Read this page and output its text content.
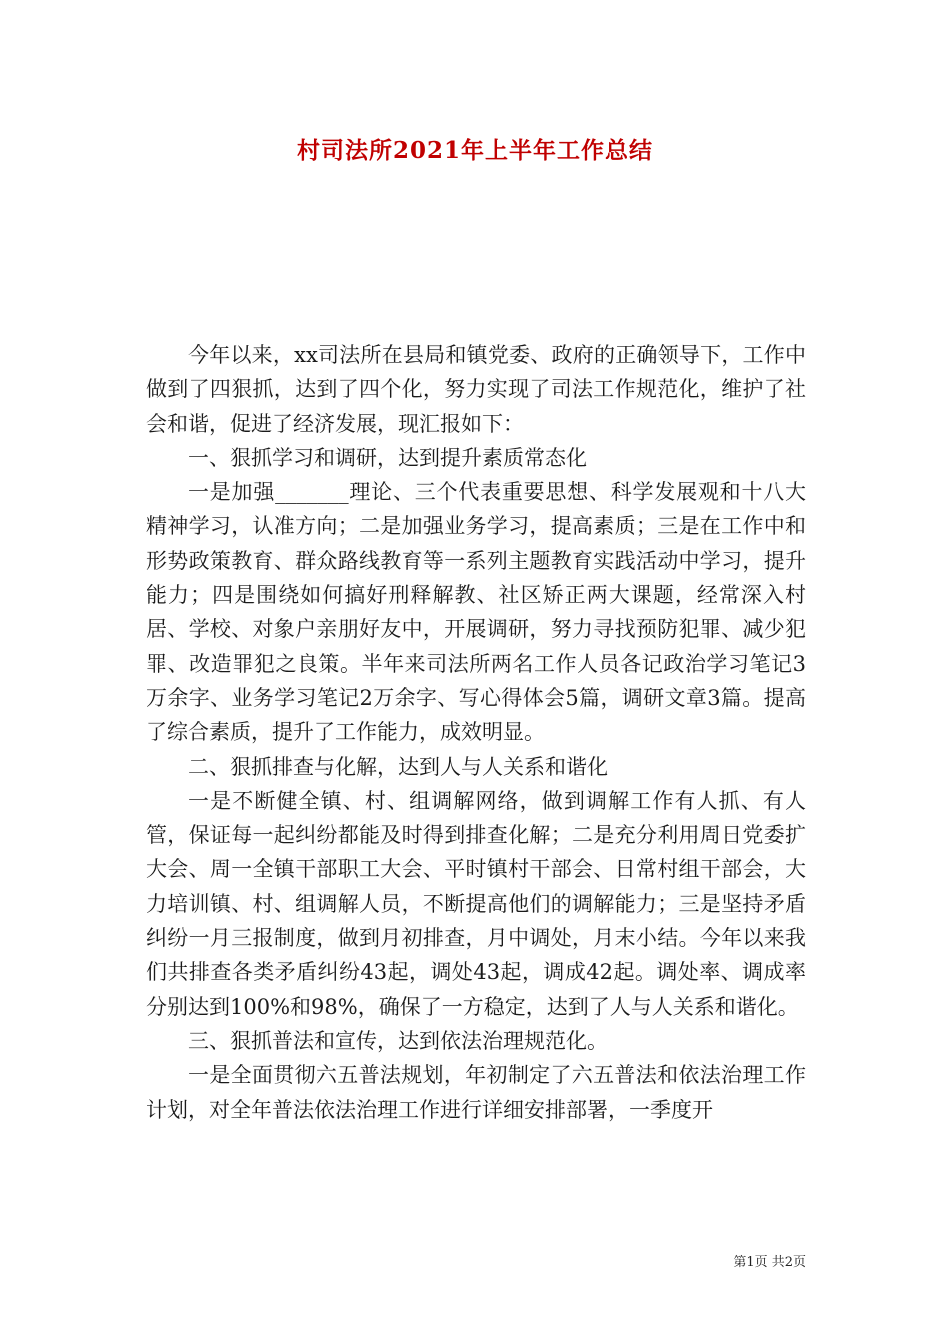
村司法所2021年上半年工作总结

今年以来，xx司法所在县局和镇党委、政府的正确领导下，工作中做到了四狠抓，达到了四个化，努力实现了司法工作规范化，维护了社会和谐，促进了经济发展，现汇报如下：

一、狠抓学习和调研，达到提升素质常态化

一是加强_______理论、三个代表重要思想、科学发展观和十八大精神学习，认准方向；二是加强业务学习，提高素质；三是在工作中和形势政策教育、群众路线教育等一系列主题教育实践活动中学习，提升能力；四是围绕如何搞好刑释解教、社区矫正两大课题，经常深入村居、学校、对象户亲朋好友中，开展调研，努力寻找预防犯罪、减少犯罪、改造罪犯之良策。半年来司法所两名工作人员各记政治学习笔记3万余字、业务学习笔记2万余字、写心得体会5篇，调研文章3篇。提高了综合素质，提升了工作能力，成效明显。

二、狠抓排查与化解，达到人与人关系和谐化

一是不断健全镇、村、组调解网络，做到调解工作有人抓、有人管，保证每一起纠纷都能及时得到排查化解；二是充分利用周日党委扩大会、周一全镇干部职工大会、平时镇村干部会、日常村组干部会，大力培训镇、村、组调解人员，不断提高他们的调解能力；三是坚持矛盾纠纷一月三报制度，做到月初排查，月中调处，月末小结。今年以来我们共排查各类矛盾纠纷43起，调处43起，调成42起。调处率、调成率分别达到100%和98%，确保了一方稳定，达到了人与人关系和谐化。

三、狠抓普法和宣传，达到依法治理规范化。

一是全面贯彻六五普法规划，年初制定了六五普法和依法治理工作计划，对全年普法依法治理工作进行详细安排部署，一季度开

第1页 共2页
